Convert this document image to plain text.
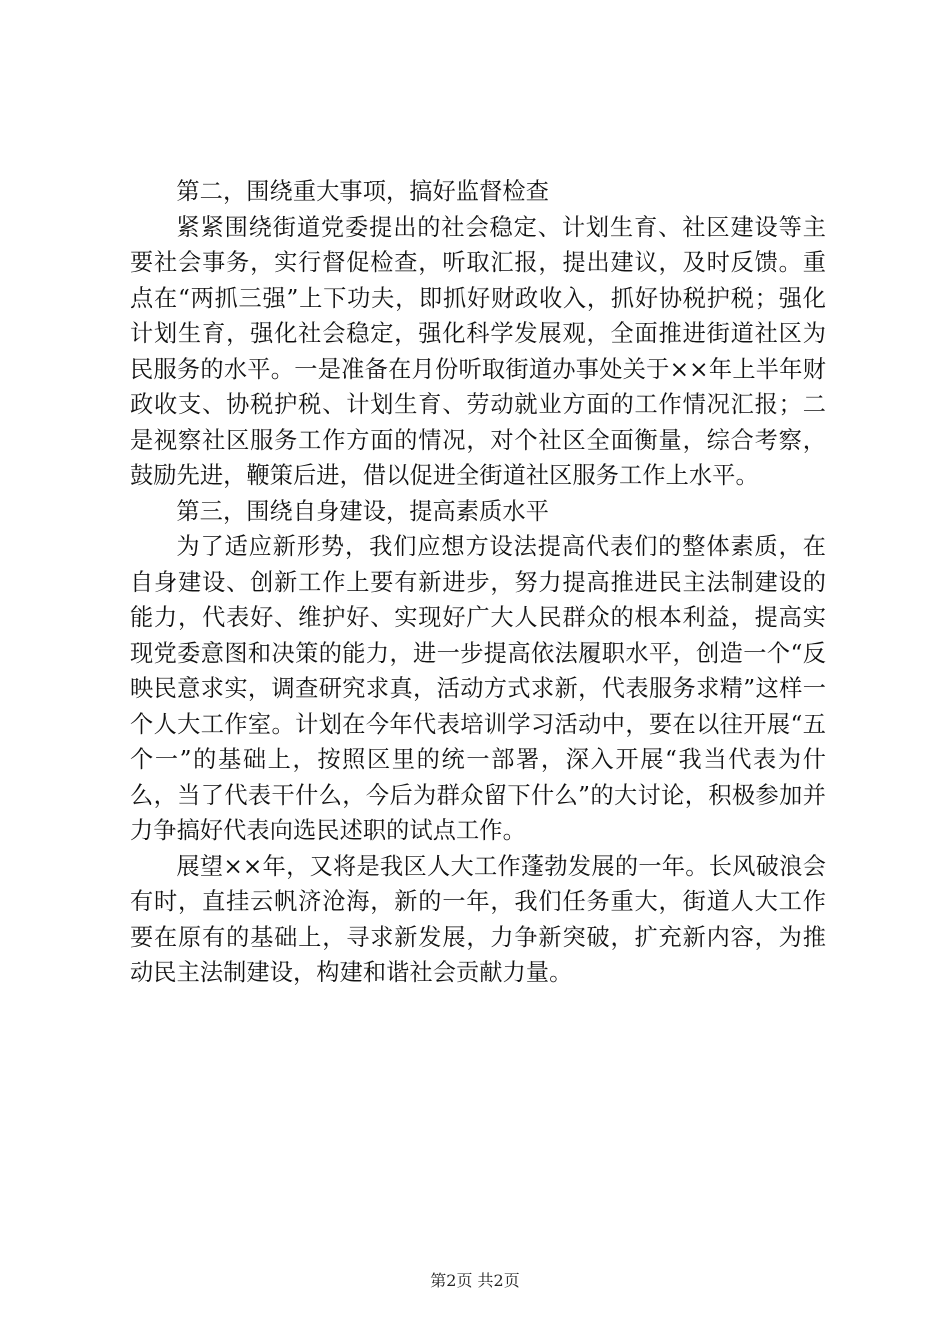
第二，围绕重大事项，搞好监督检查

紧紧围绕街道党委提出的社会稳定、计划生育、社区建设等主要社会事务，实行督促检查，听取汇报，提出建议，及时反馈。重点在“两抓三强”上下功夫，即抓好财政收入，抓好协税护税；强化计划生育，强化社会稳定，强化科学发展观，全面推进街道社区为民服务的水平。一是准备在月份听取街道办事处关于××年上半年财政收支、协税护税、计划生育、劳动就业方面的工作情况汇报；二是视察社区服务工作方面的情况，对个社区全面衡量，综合考察，鼓励先进，鞭策后进，借以促进全街道社区服务工作上水平。

第三，围绕自身建设，提高素质水平

为了适应新形势，我们应想方设法提高代表们的整体素质，在自身建设、创新工作上要有新进步，努力提高推进民主法制建设的能力，代表好、维护好、实现好广大人民群众的根本利益，提高实现党委意图和决策的能力，进一步提高依法履职水平，创造一个“反映民意求实，调查研究求真，活动方式求新，代表服务求精”这样一个人大工作室。计划在今年代表培训学习活动中，要在以往开展“五个一”的基础上，按照区里的统一部署，深入开展“我当代表为什么，当了代表干什么，今后为群众留下什么”的大讨论，积极参加并力争搞好代表向选民述职的试点工作。

展望××年，又将是我区人大工作蓬勃发展的一年。长风破浪会有时，直挂云帆济沧海，新的一年，我们任务重大，街道人大工作要在原有的基础上，寻求新发展，力争新突破，扩充新内容，为推动民主法制建设，构建和谐社会贡献力量。

第2页 共2页
